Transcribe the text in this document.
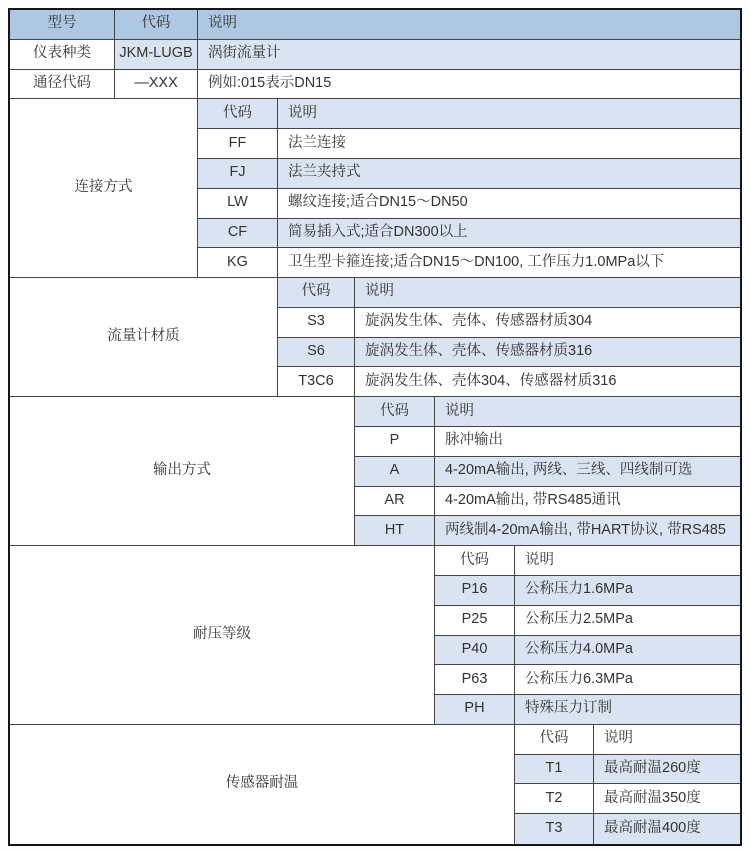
型号	代码	说明
仪表种类	JKM-LUGB	涡街流量计
通径代码	—XXX	例如:015表示DN15
连接方式
代码	说明
FF	法兰连接
FJ	法兰夹持式
LW	螺纹连接;适合DN15～DN50
CF	简易插入式;适合DN300以上
KG	卫生型卡箍连接;适合DN15～DN100, 工作压力1.0MPa以下
流量计材质
代码	说明
S3	旋涡发生体、壳体、传感器材质304
S6	旋涡发生体、壳体、传感器材质316
T3C6	旋涡发生体、壳体304、传感器材质316
输出方式
代码	说明
P	脉冲输出
A	4-20mA输出, 两线、三线、四线制可选
AR	4-20mA输出, 带RS485通讯
HT	两线制4-20mA输出, 带HART协议, 带RS485
耐压等级
代码	说明
P16	公称压力1.6MPa
P25	公称压力2.5MPa
P40	公称压力4.0MPa
P63	公称压力6.3MPa
PH	特殊压力订制
传感器耐温
代码	说明
T1	最高耐温260度
T2	最高耐温350度
T3	最高耐温400度
